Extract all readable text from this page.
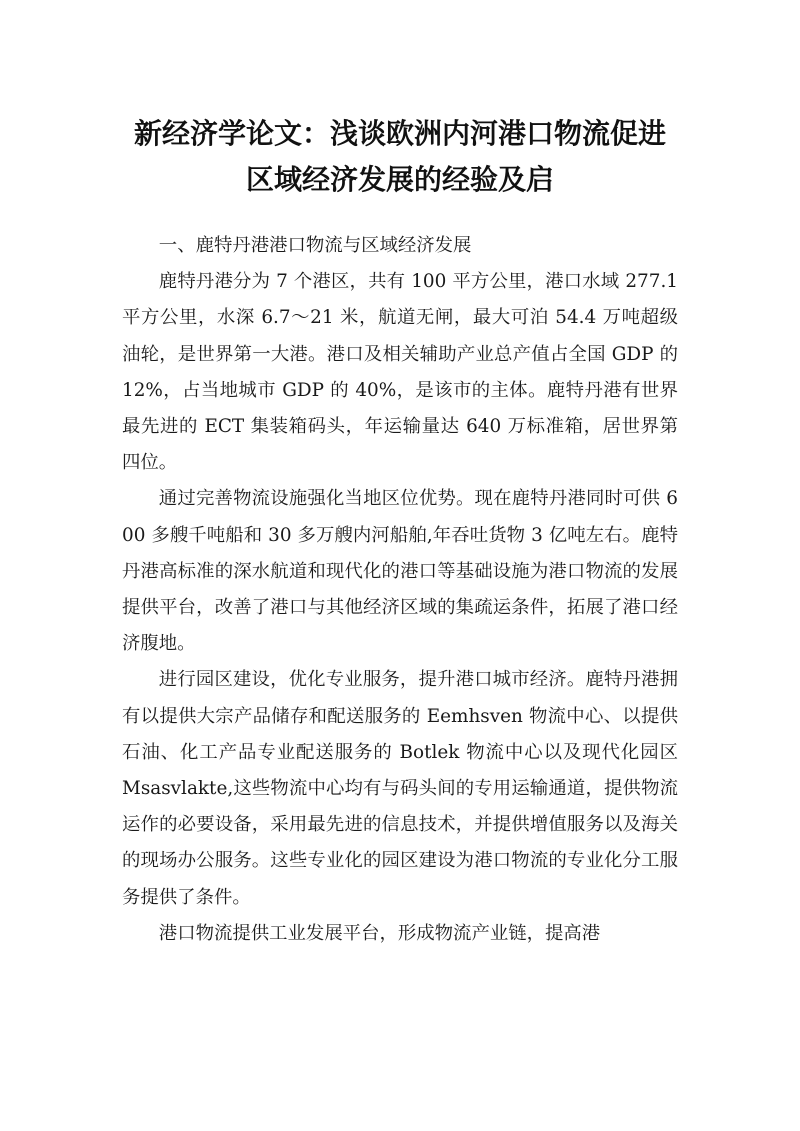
新经济学论文：浅谈欧洲内河港口物流促进
区域经济发展的经验及启

一、鹿特丹港港口物流与区域经济发展

鹿特丹港分为 7 个港区，共有 100 平方公里，港口水域 277.1 平方公里，水深 6.7～21 米，航道无闸，最大可泊 54.4 万吨超级油轮，是世界第一大港。港口及相关辅助产业总产值占全国 GDP 的 12%，占当地城市 GDP 的 40%，是该市的主体。鹿特丹港有世界最先进的 ECT 集装箱码头，年运输量达 640 万标准箱，居世界第四位。

通过完善物流设施强化当地区位优势。现在鹿特丹港同时可供 600 多艘千吨船和 30 多万艘内河船舶,年吞吐货物 3 亿吨左右。鹿特丹港高标准的深水航道和现代化的港口等基础设施为港口物流的发展提供平台，改善了港口与其他经济区域的集疏运条件，拓展了港口经济腹地。

进行园区建设，优化专业服务，提升港口城市经济。鹿特丹港拥有以提供大宗产品储存和配送服务的 Eemhsven 物流中心、以提供石油、化工产品专业配送服务的 Botlek 物流中心以及现代化园区 Msasvlakte,这些物流中心均有与码头间的专用运输通道，提供物流运作的必要设备，采用最先进的信息技术，并提供增值服务以及海关的现场办公服务。这些专业化的园区建设为港口物流的专业化分工服务提供了条件。

港口物流提供工业发展平台，形成物流产业链，提高港
